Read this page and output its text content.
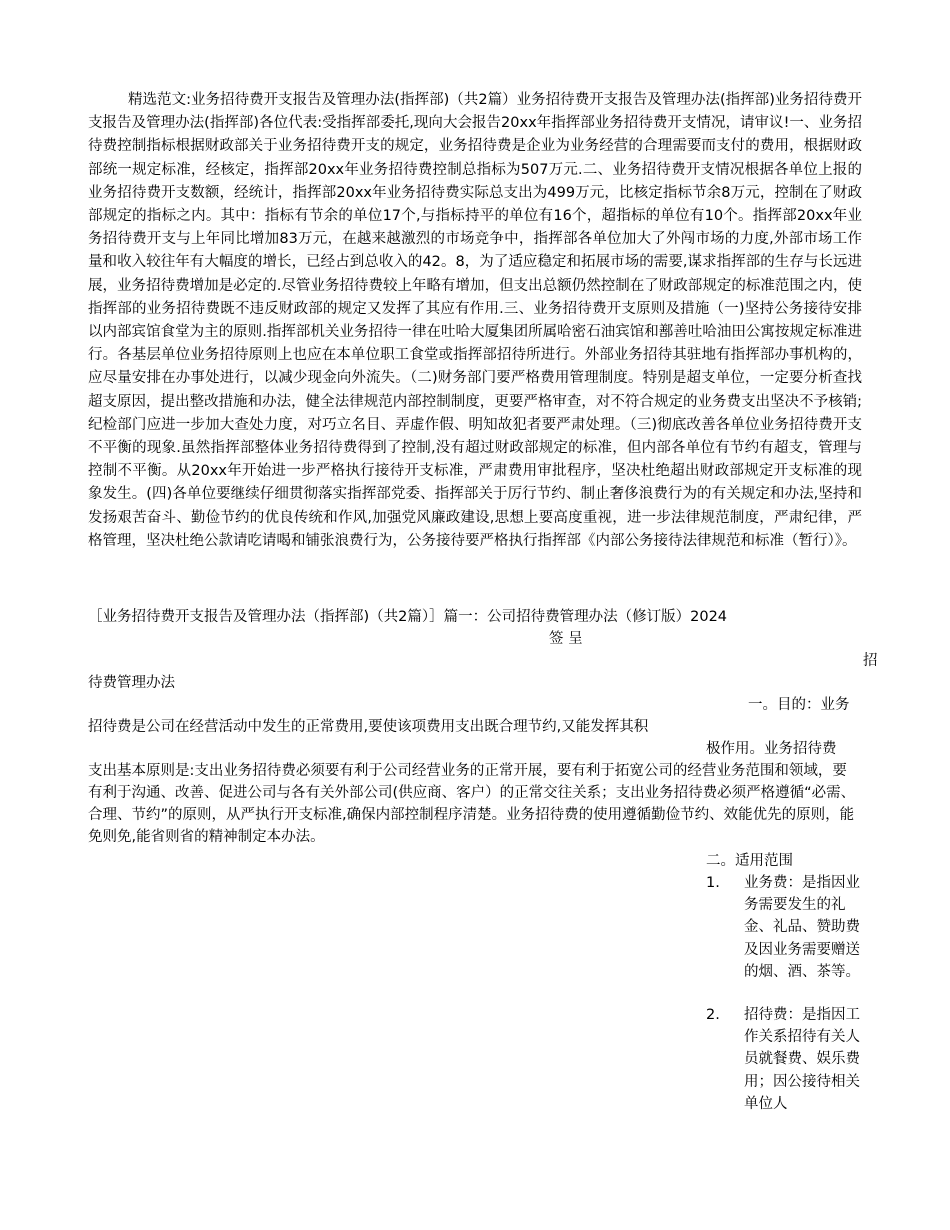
精选范文:业务招待费开支报告及管理办法(指挥部)（共2篇）业务招待费开支报告及管理办法(指挥部)业务招待费开支报告及管理办法(指挥部)各位代表:受指挥部委托,现向大会报告20xx年指挥部业务招待费开支情况，请审议!一、业务招待费控制指标根据财政部关于业务招待费开支的规定，业务招待费是企业为业务经营的合理需要而支付的费用，根据财政部统一规定标准，经核定，指挥部20xx年业务招待费控制总指标为507万元.二、业务招待费开支情况根据各单位上报的业务招待费开支数额，经统计，指挥部20xx年业务招待费实际总支出为499万元，比核定指标节余8万元，控制在了财政部规定的指标之内。其中：指标有节余的单位17个,与指标持平的单位有16个，超指标的单位有10个。指挥部20xx年业务招待费开支与上年同比增加83万元，在越来越激烈的市场竞争中，指挥部各单位加大了外闯市场的力度,外部市场工作量和收入较往年有大幅度的增长，已经占到总收入的42。8，为了适应稳定和拓展市场的需要,谋求指挥部的生存与长远进展，业务招待费增加是必定的.尽管业务招待费较上年略有增加，但支出总额仍然控制在了财政部规定的标准范围之内，使指挥部的业务招待费既不违反财政部的规定又发挥了其应有作用.三、业务招待费开支原则及措施（一)坚持公务接待安排以内部宾馆食堂为主的原则.指挥部机关业务招待一律在吐哈大厦集团所属哈密石油宾馆和鄯善吐哈油田公寓按规定标准进行。各基层单位业务招待原则上也应在本单位职工食堂或指挥部招待所进行。外部业务招待其驻地有指挥部办事机构的，应尽量安排在办事处进行，以减少现金向外流失。（二)财务部门要严格费用管理制度。特别是超支单位，一定要分析查找超支原因，提出整改措施和办法，健全法律规范内部控制制度，更要严格审查，对不符合规定的业务费支出坚决不予核销;纪检部门应进一步加大查处力度，对巧立名目、弄虚作假、明知故犯者要严肃处理。（三)彻底改善各单位业务招待费开支不平衡的现象.虽然指挥部整体业务招待费得到了控制,没有超过财政部规定的标准，但内部各单位有节约有超支，管理与控制不平衡。从20xx年开始进一步严格执行接待开支标准，严肃费用审批程序，坚决杜绝超出财政部规定开支标准的现象发生。(四)各单位要继续仔细贯彻落实指挥部党委、指挥部关于厉行节约、制止奢侈浪费行为的有关规定和办法,坚持和发扬艰苦奋斗、勤俭节约的优良传统和作风,加强党风廉政建设,思想上要高度重视，进一步法律规范制度，严肃纪律，严格管理，坚决杜绝公款请吃请喝和铺张浪费行为，公务接待要严格执行指挥部《内部公务接待法律规范和标准（暂行）》。

［业务招待费开支报告及管理办法（指挥部)（共2篇）］篇一：公司招待费管理办法（修订版）2024
签 呈
招
待费管理办法
一。目的：业务
招待费是公司在经营活动中发生的正常费用,要使该项费用支出既合理节约,又能发挥其积
极作用。业务招待费

支出基本原则是:支出业务招待费必须要有利于公司经营业务的正常开展，要有利于拓宽公司的经营业务范围和领域，要有利于沟通、改善、促进公司与各有关外部公司(供应商、客户）的正常交往关系；支出业务招待费必须严格遵循“必需、合理、节约”的原则，从严执行开支标准,确保内部控制程序清楚。业务招待费的使用遵循勤俭节约、效能优先的原则，能免则免,能省则省的精神制定本办法。

二。适用范围
1. 业务费：是指因业务需要发生的礼金、礼品、赞助费及因业务需要赠送的烟、酒、茶等。

2. 招待费：是指因工作关系招待有关人员就餐费、娱乐费用；因公接待相关单位人
